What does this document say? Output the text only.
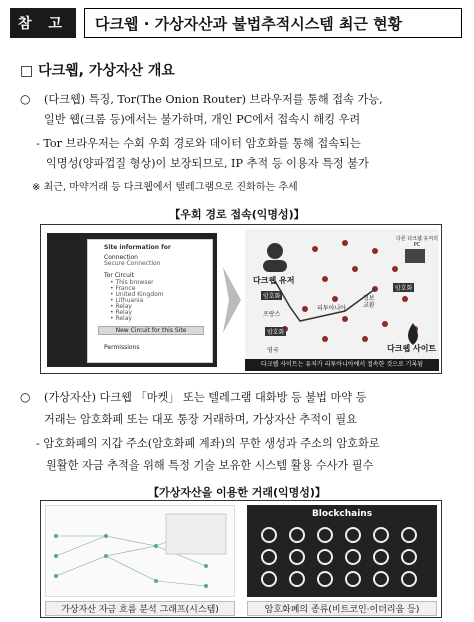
참 고	다크웹 · 가상자산과 불법추적시스템 최근 현황
□ 다크웹, 가상자산 개요
○ (다크웹) 특징, Tor(The Onion Router) 브라우저를 통해 접속 가능,
일반 웹(크롬 등)에서는 불가하며, 개인 PC에서 접속시 해킹 우려
- Tor 브라우저는 수회 우회 경로와 데이터 암호화를 통해 접속되는
익명성(양파껍질 형상)이 보장되므로, IP 추적 등 이용자 특정 불가
※ 최근, 마약거래 등 다크웹에서 텔레그램으로 진화하는 추세
【우회 경로 접속(익명성)】
Site information for
Connection
Secure Connection
Tor Circuit
• This browser
• France
• United Kingdom
• Lithuania
• Relay
• Relay
• Relay
New Circuit for this Site
Permissions
다크웹 유저
다른 다크웹 유저의 PC
암호화
프랑스
리투아니아
정보 교환
영국
암호화
암호화
다크웹 사이트
다크웹 사이트는 유저가 리투아니아에서 접속한 것으로 기록됨
○ (가상자산) 다크웹 「마켓」 또는 텔레그램 대화방 등 불법 마약 등
거래는 암호화폐 또는 대포 통장 거래하며, 가상자산 추적이 필요
- 암호화폐의 지갑 주소(암호화폐 계좌)의 무한 생성과 주소의 암호화로
원활한 자금 추적을 위해 특정 기술 보유한 시스템 활용 수사가 필수
【가상자산을 이용한 거래(익명성)】
가상자산 자금 흐름 분석 그래프(시스템)
Blockchains
암호화폐의 종류(비트코인·이더리움 등)
